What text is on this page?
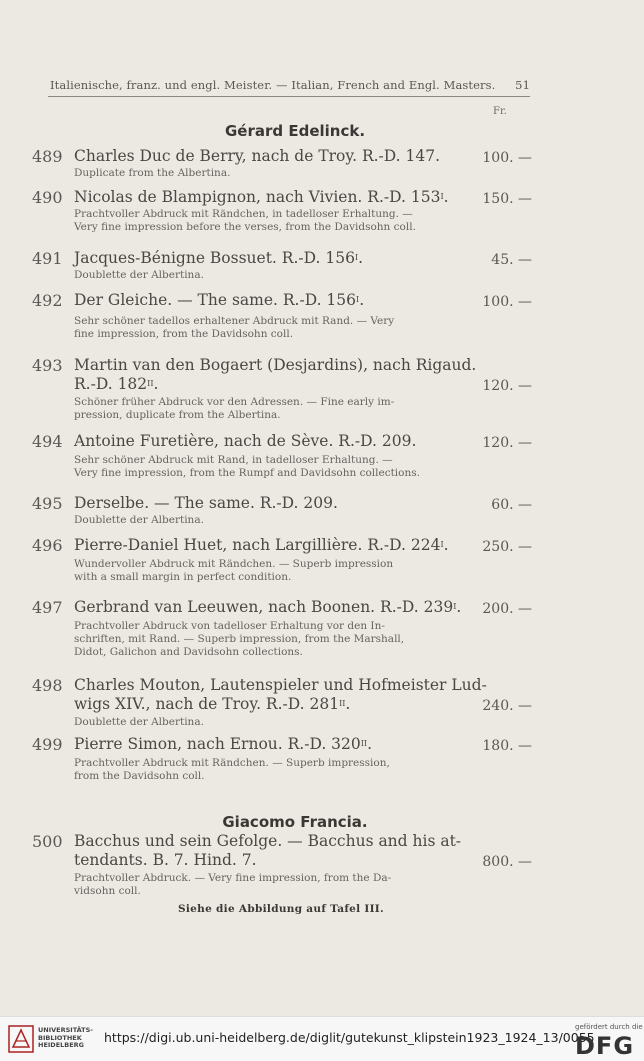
Italienische, franz. und engl. Meister. — Italian, French and Engl. Masters. 51
Fr.
Gérard Edelinck.
489 Charles Duc de Berry, nach de Troy. R.-D. 147.	100. —
Duplicate from the Albertina.
490 Nicolas de Blampignon, nach Vivien. R.-D. $153^I$.	150. —
Prachtvoller Abdruck mit Rändchen, in tadelloser Erhaltung. —
Very fine impression before the verses, from the Davidsohn coll.
491 Jacques-Bénigne Bossuet. R.-D. $156^I$.	45. —
Doublette der Albertina.
492 Der Gleiche. — The same. R.-D. $156^I$.	100. —
Sehr schöner tadellos erhaltener Abdruck mit Rand. — Very
fine impression, from the Davidsohn coll.
493 Martin van den Bogaert (Desjardins), nach Rigaud.
R.-D. $182^{II}$.	120. —
Schöner früher Abdruck vor den Adressen. — Fine early im-
pression, duplicate from the Albertina.
494 Antoine Furetière, nach de Sève. R.-D. 209.	120. —
Sehr schöner Abdruck mit Rand, in tadelloser Erhaltung. —
Very fine impression, from the Rumpf and Davidsohn collections.
495 Derselbe. — The same. R.-D. 209.	60. —
Doublette der Albertina.
496 Pierre-Daniel Huet, nach Largillière. R.-D. $224^I$.	250. —
Wundervoller Abdruck mit Rändchen. — Superb impression
with a small margin in perfect condition.
497 Gerbrand van Leeuwen, nach Boonen. R.-D. $239^I$.	200. —
Prachtvoller Abdruck von tadelloser Erhaltung vor den In-
schriften, mit Rand. — Superb impression, from the Marshall,
Didot, Galichon and Davidsohn collections.
498 Charles Mouton, Lautenspieler und Hofmeister Lud-
wigs XIV., nach de Troy. R.-D. $281^{II}$.	240. —
Doublette der Albertina.
499 Pierre Simon, nach Ernou. R.-D. $320^{II}$.	180. —
Prachtvoller Abdruck mit Rändchen. — Superb impression,
from the Davidsohn coll.
500 Bacchus und sein Gefolge. — Bacchus and his at-
tendants. B. 7. Hind. 7.	800. —
Prachtvoller Abdruck. — Very fine impression, from the Da-
vidsohn coll.
Giacomo Francia.
Siehe die Abbildung auf Tafel III.
UNIVERSITÄTS-
BIBLIOTHEK
HEIDELBERG	https://digi.ub.uni-heidelberg.de/diglit/gutekunst_klipstein1923_1924_13/0055
gefördert durch die
DFG
